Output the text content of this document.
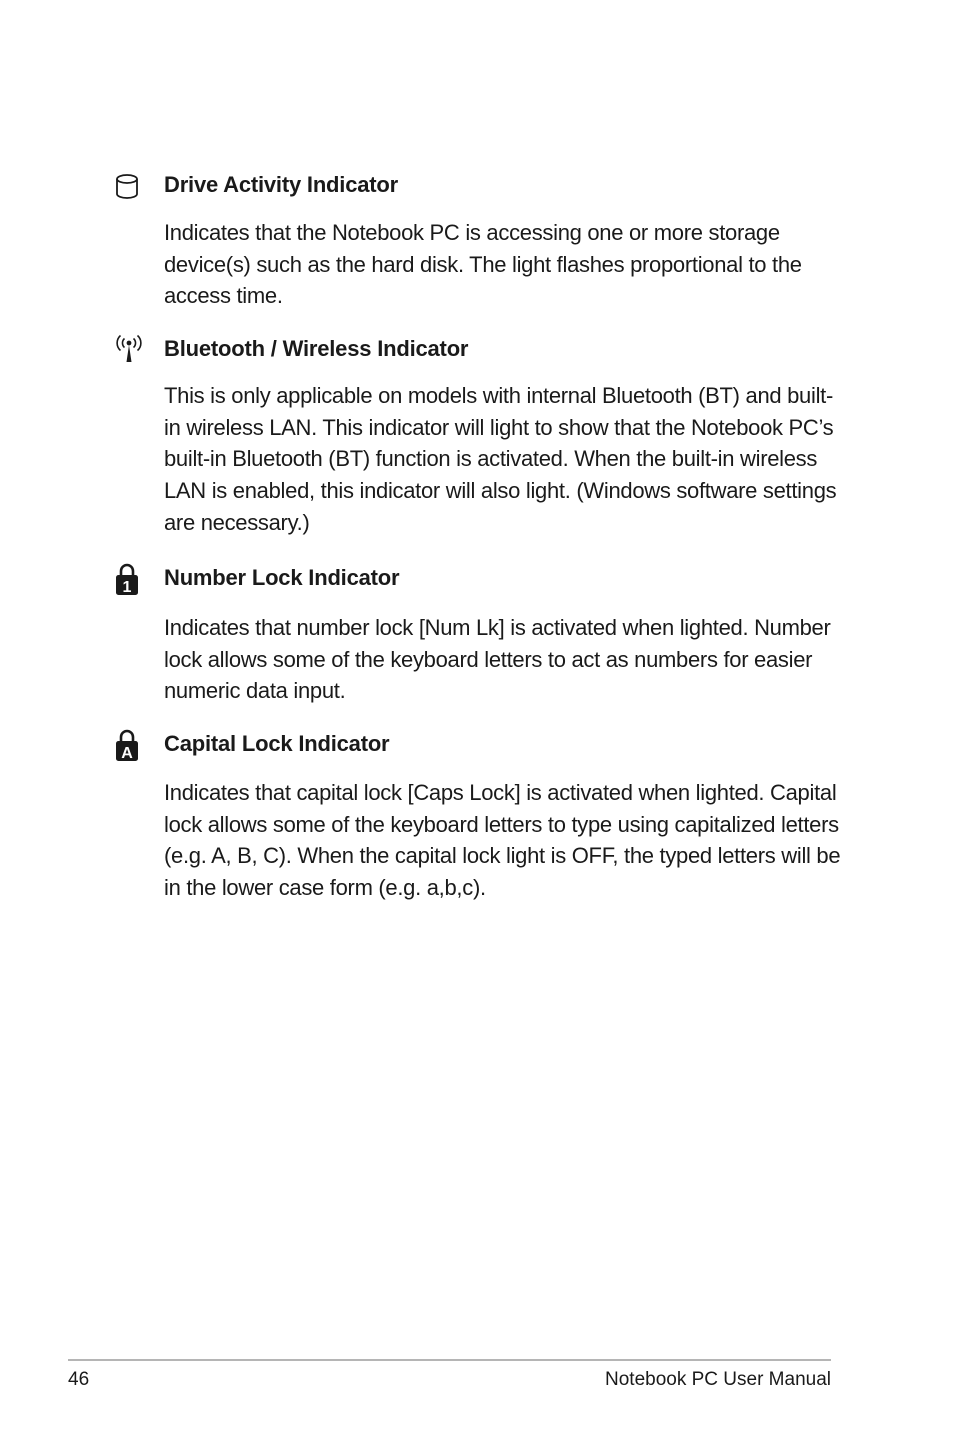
Drive Activity Indicator

Indicates that the Notebook PC is accessing one or more storage device(s) such as the hard disk. The light flashes proportional to the access time.

Bluetooth / Wireless Indicator

This is only applicable on models with internal Bluetooth (BT) and built-in wireless LAN. This indicator will light to show that the Notebook PC’s built-in Bluetooth (BT) function is activated. When the built-in wireless LAN is enabled, this indicator will also light. (Windows software settings are necessary.)

1 Number Lock Indicator

Indicates that number lock [Num Lk] is activated when lighted. Number lock allows some of the keyboard letters to act as numbers for easier numeric data input.

A Capital Lock Indicator

Indicates that capital lock [Caps Lock] is activated when lighted. Capital lock allows some of the keyboard letters to type using capitalized letters (e.g. A, B, C). When the capital lock light is OFF, the typed letters will be in the lower case form (e.g. a,b,c).

46	Notebook PC User Manual
